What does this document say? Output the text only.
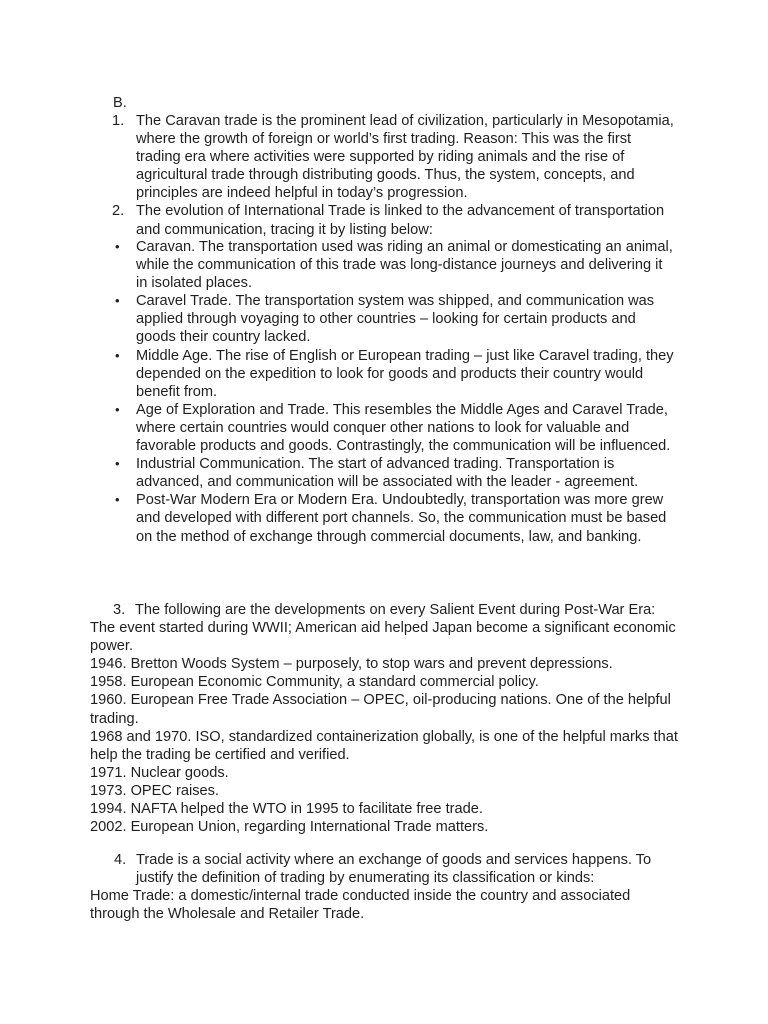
B.

1. The Caravan trade is the prominent lead of civilization, particularly in Mesopotamia, where the growth of foreign or world’s first trading. Reason: This was the first trading era where activities were supported by riding animals and the rise of agricultural trade through distributing goods. Thus, the system, concepts, and principles are indeed helpful in today’s progression.
2. The evolution of International Trade is linked to the advancement of transportation and communication, tracing it by listing below:
• Caravan. The transportation used was riding an animal or domesticating an animal, while the communication of this trade was long-distance journeys and delivering it in isolated places.
• Caravel Trade. The transportation system was shipped, and communication was applied through voyaging to other countries – looking for certain products and goods their country lacked.
• Middle Age. The rise of English or European trading – just like Caravel trading, they depended on the expedition to look for goods and products their country would benefit from.
• Age of Exploration and Trade. This resembles the Middle Ages and Caravel Trade, where certain countries would conquer other nations to look for valuable and favorable products and goods. Contrastingly, the communication will be influenced.
• Industrial Communication. The start of advanced trading. Transportation is advanced, and communication will be associated with the leader - agreement.
• Post-War Modern Era or Modern Era. Undoubtedly, transportation was more grew and developed with different port channels. So, the communication must be based on the method of exchange through commercial documents, law, and banking.

3. The following are the developments on every Salient Event during Post-War Era: The event started during WWII; American aid helped Japan become a significant economic power.

1946. Bretton Woods System – purposely, to stop wars and prevent depressions.

1958. European Economic Community, a standard commercial policy.

1960. European Free Trade Association – OPEC, oil-producing nations. One of the helpful trading.

1968 and 1970. ISO, standardized containerization globally, is one of the helpful marks that help the trading be certified and verified.

1971. Nuclear goods.

1973. OPEC raises.

1994. NAFTA helped the WTO in 1995 to facilitate free trade.

2002. European Union, regarding International Trade matters.

4. Trade is a social activity where an exchange of goods and services happens. To justify the definition of trading by enumerating its classification or kinds:

Home Trade: a domestic/internal trade conducted inside the country and associated through the Wholesale and Retailer Trade.
